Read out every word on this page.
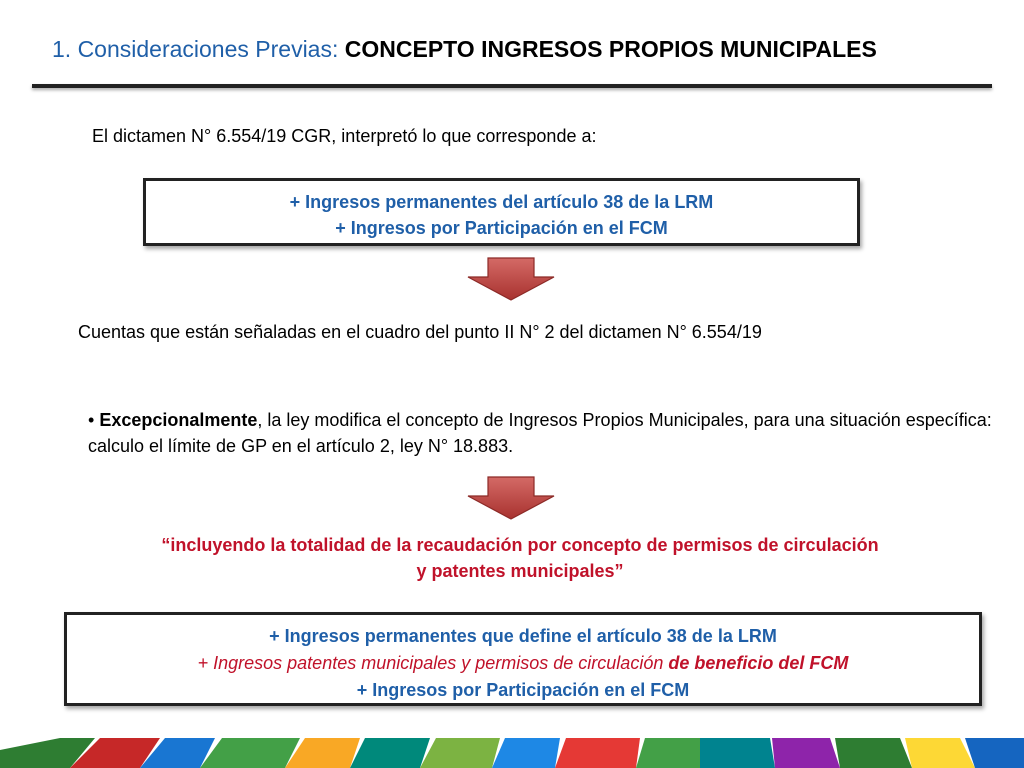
1. Consideraciones Previas: CONCEPTO INGRESOS PROPIOS MUNICIPALES
El dictamen N° 6.554/19 CGR, interpretó lo que corresponde a:
+ Ingresos permanentes del artículo 38 de la LRM
+ Ingresos por Participación en el FCM
Cuentas que están señaladas en el cuadro del punto II N° 2 del dictamen N° 6.554/19
• Excepcionalmente, la ley modifica el concepto de Ingresos Propios Municipales, para una situación específica: calculo el límite de GP en el artículo 2, ley N° 18.883.
“incluyendo la totalidad de la recaudación por concepto de permisos de circulación
y patentes municipales”
+ Ingresos permanentes que define el artículo 38 de la LRM
+ Ingresos patentes municipales y permisos de circulación de beneficio del FCM
+ Ingresos por Participación en el FCM
